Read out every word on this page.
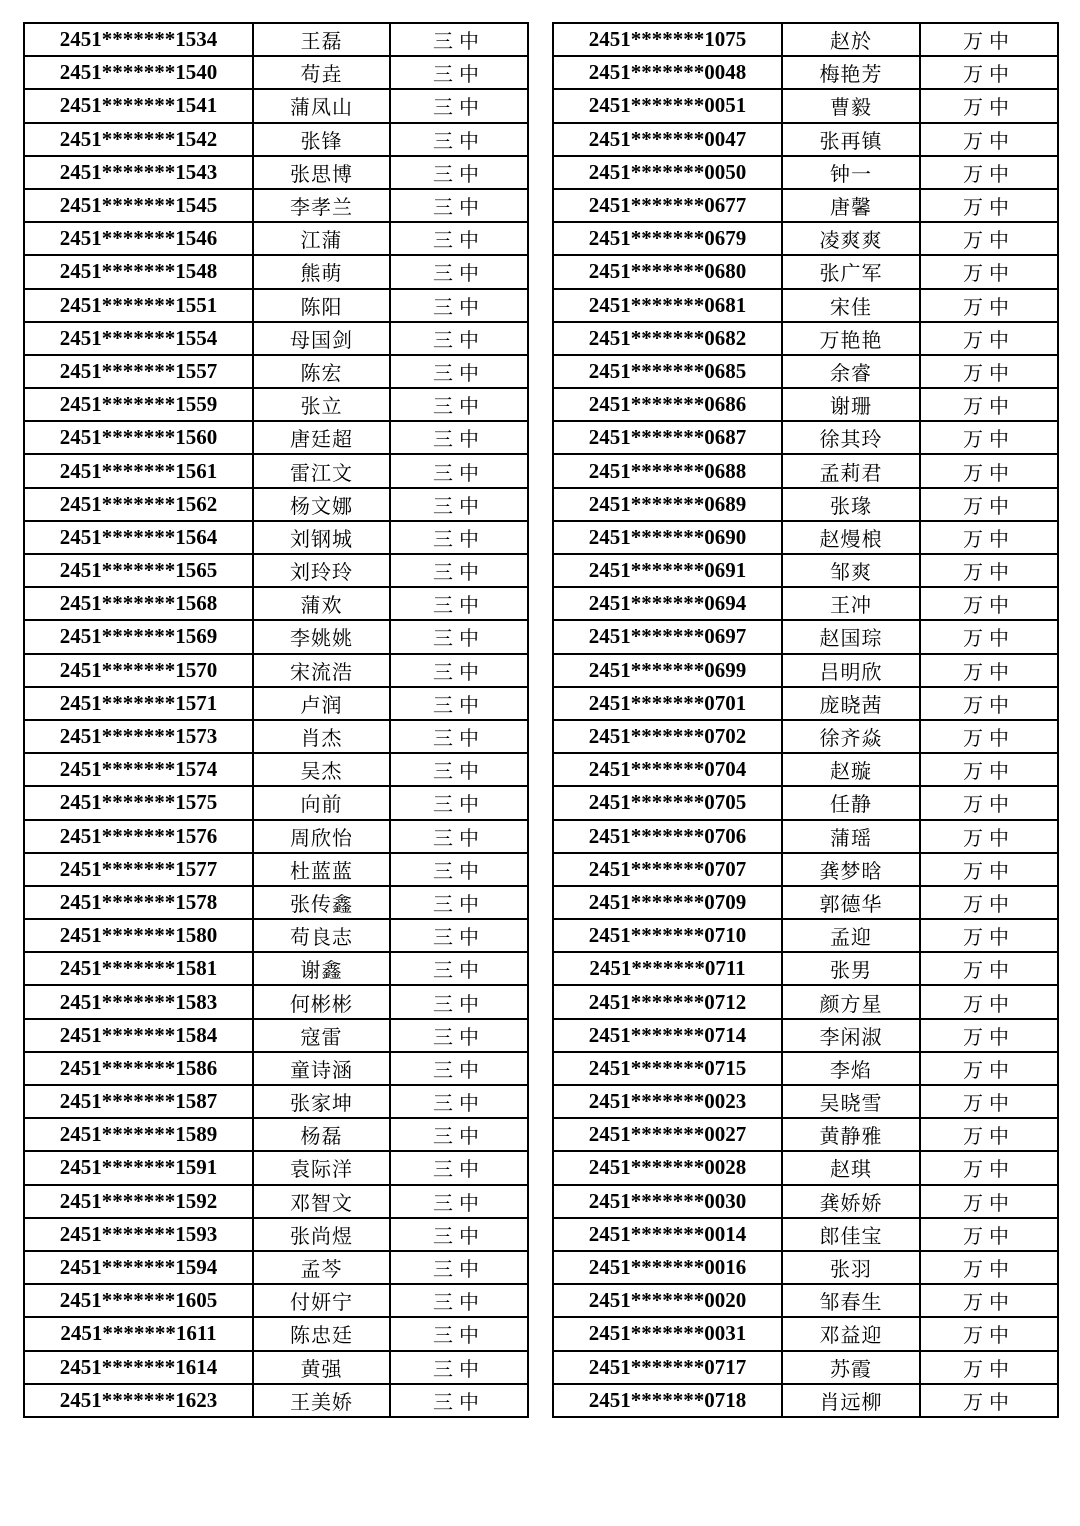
2451*******1534	王磊	三中
2451*******1540	苟垚	三中
2451*******1541	蒲凤山	三中
2451*******1542	张锋	三中
2451*******1543	张思博	三中
2451*******1545	李孝兰	三中
2451*******1546	江蒲	三中
2451*******1548	熊萌	三中
2451*******1551	陈阳	三中
2451*******1554	母国剑	三中
2451*******1557	陈宏	三中
2451*******1559	张立	三中
2451*******1560	唐廷超	三中
2451*******1561	雷江文	三中
2451*******1562	杨文娜	三中
2451*******1564	刘钢城	三中
2451*******1565	刘玲玲	三中
2451*******1568	蒲欢	三中
2451*******1569	李姚姚	三中
2451*******1570	宋流浩	三中
2451*******1571	卢润	三中
2451*******1573	肖杰	三中
2451*******1574	吴杰	三中
2451*******1575	向前	三中
2451*******1576	周欣怡	三中
2451*******1577	杜蓝蓝	三中
2451*******1578	张传鑫	三中
2451*******1580	苟良志	三中
2451*******1581	谢鑫	三中
2451*******1583	何彬彬	三中
2451*******1584	寇雷	三中
2451*******1586	童诗涵	三中
2451*******1587	张家坤	三中
2451*******1589	杨磊	三中
2451*******1591	袁际洋	三中
2451*******1592	邓智文	三中
2451*******1593	张尚煜	三中
2451*******1594	孟芩	三中
2451*******1605	付妍宁	三中
2451*******1611	陈忠廷	三中
2451*******1614	黄强	三中
2451*******1623	王美娇	三中
2451*******1075	赵於	万中
2451*******0048	梅艳芳	万中
2451*******0051	曹毅	万中
2451*******0047	张再镇	万中
2451*******0050	钟一	万中
2451*******0677	唐馨	万中
2451*******0679	凌爽爽	万中
2451*******0680	张广军	万中
2451*******0681	宋佳	万中
2451*******0682	万艳艳	万中
2451*******0685	余睿	万中
2451*******0686	谢珊	万中
2451*******0687	徐其玲	万中
2451*******0688	孟莉君	万中
2451*******0689	张瑑	万中
2451*******0690	赵熳桹	万中
2451*******0691	邹爽	万中
2451*******0694	王冲	万中
2451*******0697	赵国琮	万中
2451*******0699	吕明欣	万中
2451*******0701	庞晓茜	万中
2451*******0702	徐齐焱	万中
2451*******0704	赵璇	万中
2451*******0705	任静	万中
2451*******0706	蒲瑶	万中
2451*******0707	龚梦晗	万中
2451*******0709	郭德华	万中
2451*******0710	孟迎	万中
2451*******0711	张男	万中
2451*******0712	颜方星	万中
2451*******0714	李闲淑	万中
2451*******0715	李焰	万中
2451*******0023	吴晓雪	万中
2451*******0027	黄静雅	万中
2451*******0028	赵琪	万中
2451*******0030	龚娇娇	万中
2451*******0014	郎佳宝	万中
2451*******0016	张羽	万中
2451*******0020	邹春生	万中
2451*******0031	邓益迎	万中
2451*******0717	苏霞	万中
2451*******0718	肖远柳	万中
